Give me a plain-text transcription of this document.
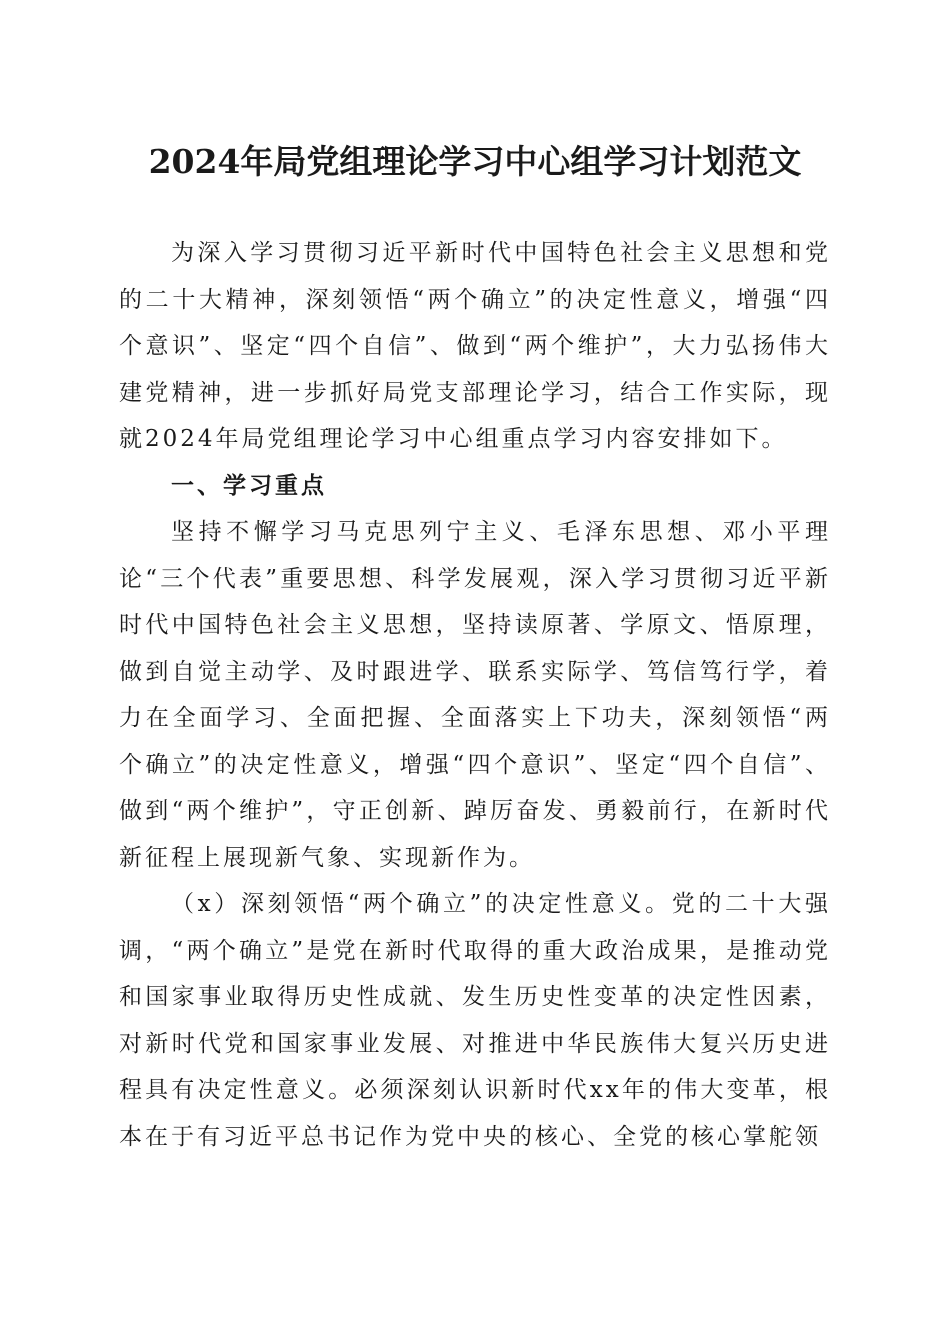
2024年局党组理论学习中心组学习计划范文

为深入学习贯彻习近平新时代中国特色社会主义思想和党的二十大精神，深刻领悟“两个确立”的决定性意义，增强“四个意识”、坚定“四个自信”、做到“两个维护”，大力弘扬伟大建党精神，进一步抓好局党支部理论学习，结合工作实际，现就2024年局党组理论学习中心组重点学习内容安排如下。

一、学习重点

坚持不懈学习马克思列宁主义、毛泽东思想、邓小平理论“三个代表”重要思想、科学发展观，深入学习贯彻习近平新时代中国特色社会主义思想，坚持读原著、学原文、悟原理，做到自觉主动学、及时跟进学、联系实际学、笃信笃行学，着力在全面学习、全面把握、全面落实上下功夫，深刻领悟“两个确立”的决定性意义，增强“四个意识”、坚定“四个自信”、做到“两个维护”，守正创新、踔厉奋发、勇毅前行，在新时代新征程上展现新气象、实现新作为。

（x）深刻领悟“两个确立”的决定性意义。党的二十大强调，“两个确立”是党在新时代取得的重大政治成果，是推动党和国家事业取得历史性成就、发生历史性变革的决定性因素，对新时代党和国家事业发展、对推进中华民族伟大复兴历史进程具有决定性意义。必须深刻认识新时代xx年的伟大变革，根本在于有习近平总书记作为党中央的核心、全党的核心掌舵领
